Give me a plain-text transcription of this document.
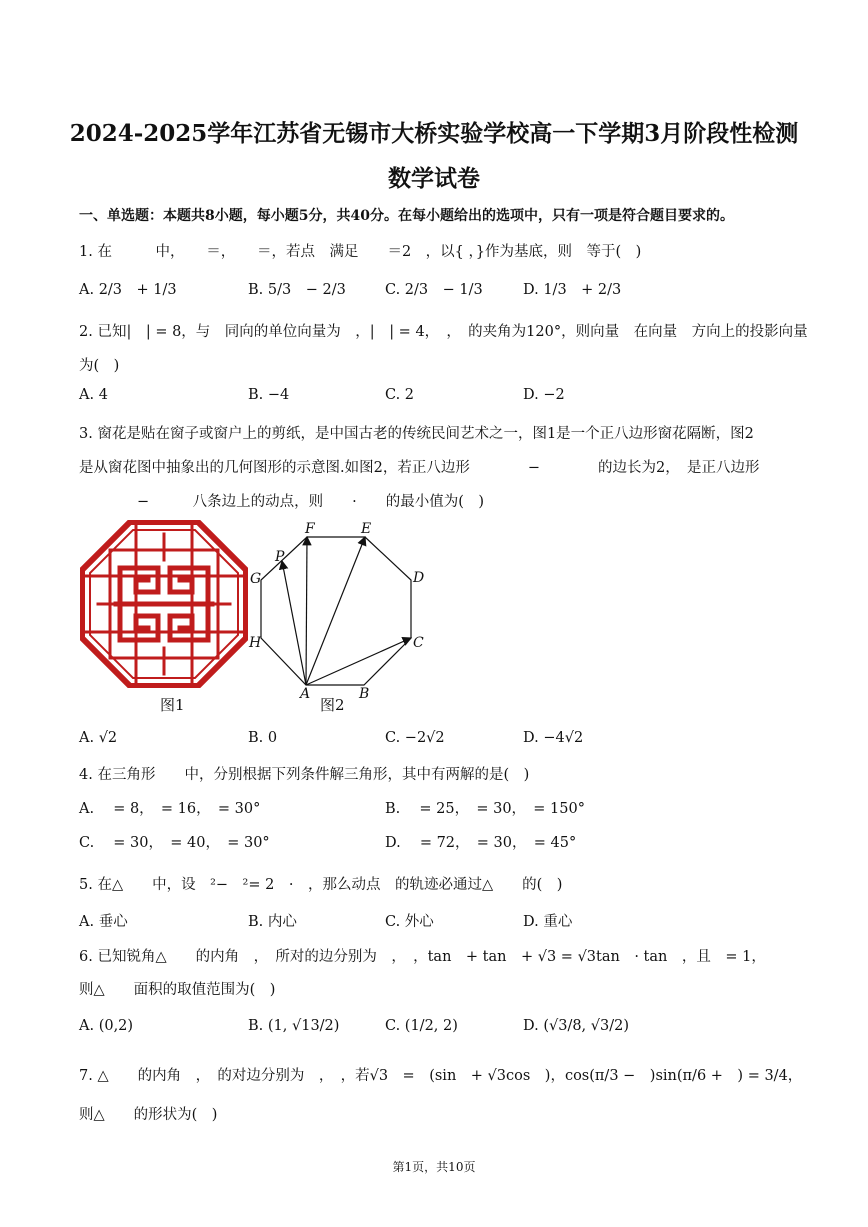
2024-2025学年江苏省无锡市大桥实验学校高一下学期3月阶段性检测
数学试卷
一、单选题：本题共8小题，每小题5分，共40分。在每小题给出的选项中，只有一项是符合题目要求的。
1. 在　　　中，　　＝，　　＝，若点　满足　　＝2　，以{ ，}作为基底，则　等于(　)
A. 2/3　+ 1/3	B. 5/3　− 2/3	C. 2/3　− 1/3	D. 1/3　+ 2/3
2. 已知|　| = 8，与　同向的单位向量为　，|　| = 4，　，　的夹角为120°，则向量　在向量　方向上的投影向量
为(　)
A. 4	B. −4	C. 2	D. −2
3. 窗花是贴在窗子或窗户上的剪纸，是中国古老的传统民间艺术之一，图1是一个正八边形窗花隔断，图2
是从窗花图中抽象出的几何图形的示意图.如图2，若正八边形　　　　−　　　　的边长为2，　是正八边形
　　　　−　　　八条边上的动点，则　　·　　的最小值为(　)
图1
F	E
D
C
B
A
H
G
P
图2
A. √2	B. 0	C. −2√2	D. −4√2
4. 在三角形　　中，分别根据下列条件解三角形，其中有两解的是(　)
A. 　= 8，　= 16，　= 30°	B. 　= 25，　= 30，　= 150°
C. 　= 30，　= 40，　= 30°	D. 　= 72，　= 30，　= 45°
5. 在△　　中，设　²−　²= 2　·　，那么动点　的轨迹必通过△　　的(　)
A. 垂心	B. 内心	C. 外心	D. 重心
6. 已知锐角△　　的内角　，　所对的边分别为　，　，tan　+ tan　+ √3 = √3tan　· tan　，且　= 1，
则△　　面积的取值范围为(　)
A. (0,2)	B. (1, √13/2)	C. (1/2, 2)	D. (√3/8, √3/2)
7. △　　的内角　，　的对边分别为　，　，若√3　=　(sin　+ √3cos　)，cos(π/3 −　)sin(π/6 +　) = 3/4，
则△　　的形状为(　)
第1页，共10页
